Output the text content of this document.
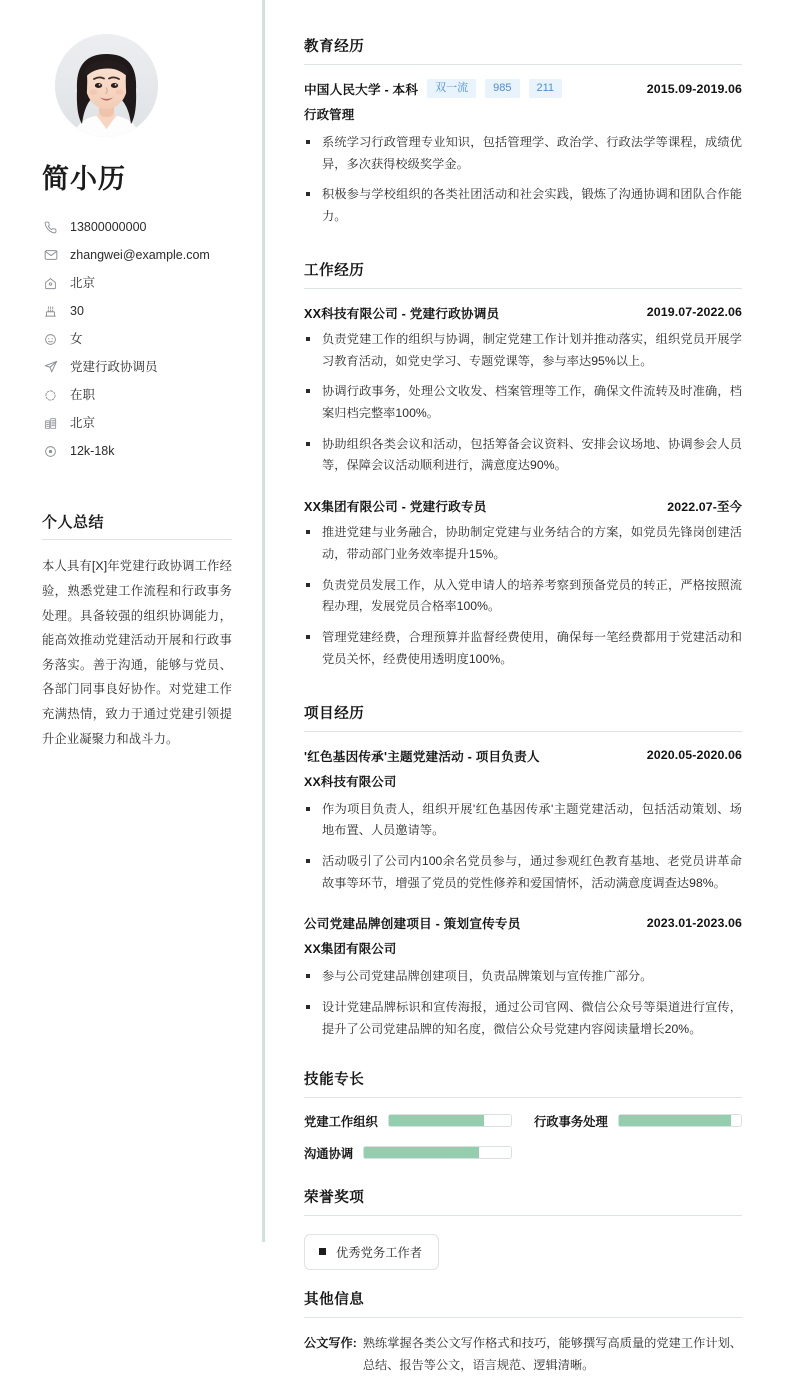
简小历
13800000000
zhangwei@example.com
北京
30
女
党建行政协调员
在职
北京
12k-18k
个人总结
本人具有[X]年党建行政协调工作经验，熟悉党建工作流程和行政事务处理。具备较强的组织协调能力，能高效推动党建活动开展和行政事务落实。善于沟通，能够与党员、各部门同事良好协作。对党建工作充满热情，致力于通过党建引领提升企业凝聚力和战斗力。
教育经历
中国人民大学 - 本科	双一流	985	211	2015.09-2019.06
行政管理
系统学习行政管理专业知识，包括管理学、政治学、行政法学等课程，成绩优异，多次获得校级奖学金。
积极参与学校组织的各类社团活动和社会实践，锻炼了沟通协调和团队合作能力。
工作经历
XX科技有限公司 - 党建行政协调员	2019.07-2022.06
负责党建工作的组织与协调，制定党建工作计划并推动落实，组织党员开展学习教育活动，如党史学习、专题党课等，参与率达95%以上。
协调行政事务，处理公文收发、档案管理等工作，确保文件流转及时准确，档案归档完整率100%。
协助组织各类会议和活动，包括筹备会议资料、安排会议场地、协调参会人员等，保障会议活动顺利进行，满意度达90%。
XX集团有限公司 - 党建行政专员	2022.07-至今
推进党建与业务融合，协助制定党建与业务结合的方案，如党员先锋岗创建活动，带动部门业务效率提升15%。
负责党员发展工作，从入党申请人的培养考察到预备党员的转正，严格按照流程办理，发展党员合格率100%。
管理党建经费，合理预算并监督经费使用，确保每一笔经费都用于党建活动和党员关怀，经费使用透明度100%。
项目经历
'红色基因传承'主题党建活动 - 项目负责人	2020.05-2020.06
XX科技有限公司
作为项目负责人，组织开展'红色基因传承'主题党建活动，包括活动策划、场地布置、人员邀请等。
活动吸引了公司内100余名党员参与，通过参观红色教育基地、老党员讲革命故事等环节，增强了党员的党性修养和爱国情怀，活动满意度调查达98%。
公司党建品牌创建项目 - 策划宣传专员	2023.01-2023.06
XX集团有限公司
参与公司党建品牌创建项目，负责品牌策划与宣传推广部分。
设计党建品牌标识和宣传海报，通过公司官网、微信公众号等渠道进行宣传，提升了公司党建品牌的知名度，微信公众号党建内容阅读量增长20%。
技能专长
党建工作组织	行政事务处理
沟通协调
荣誉奖项
优秀党务工作者
其他信息
公文写作: 熟练掌握各类公文写作格式和技巧，能够撰写高质量的党建工作计划、总结、报告等公文，语言规范、逻辑清晰。
